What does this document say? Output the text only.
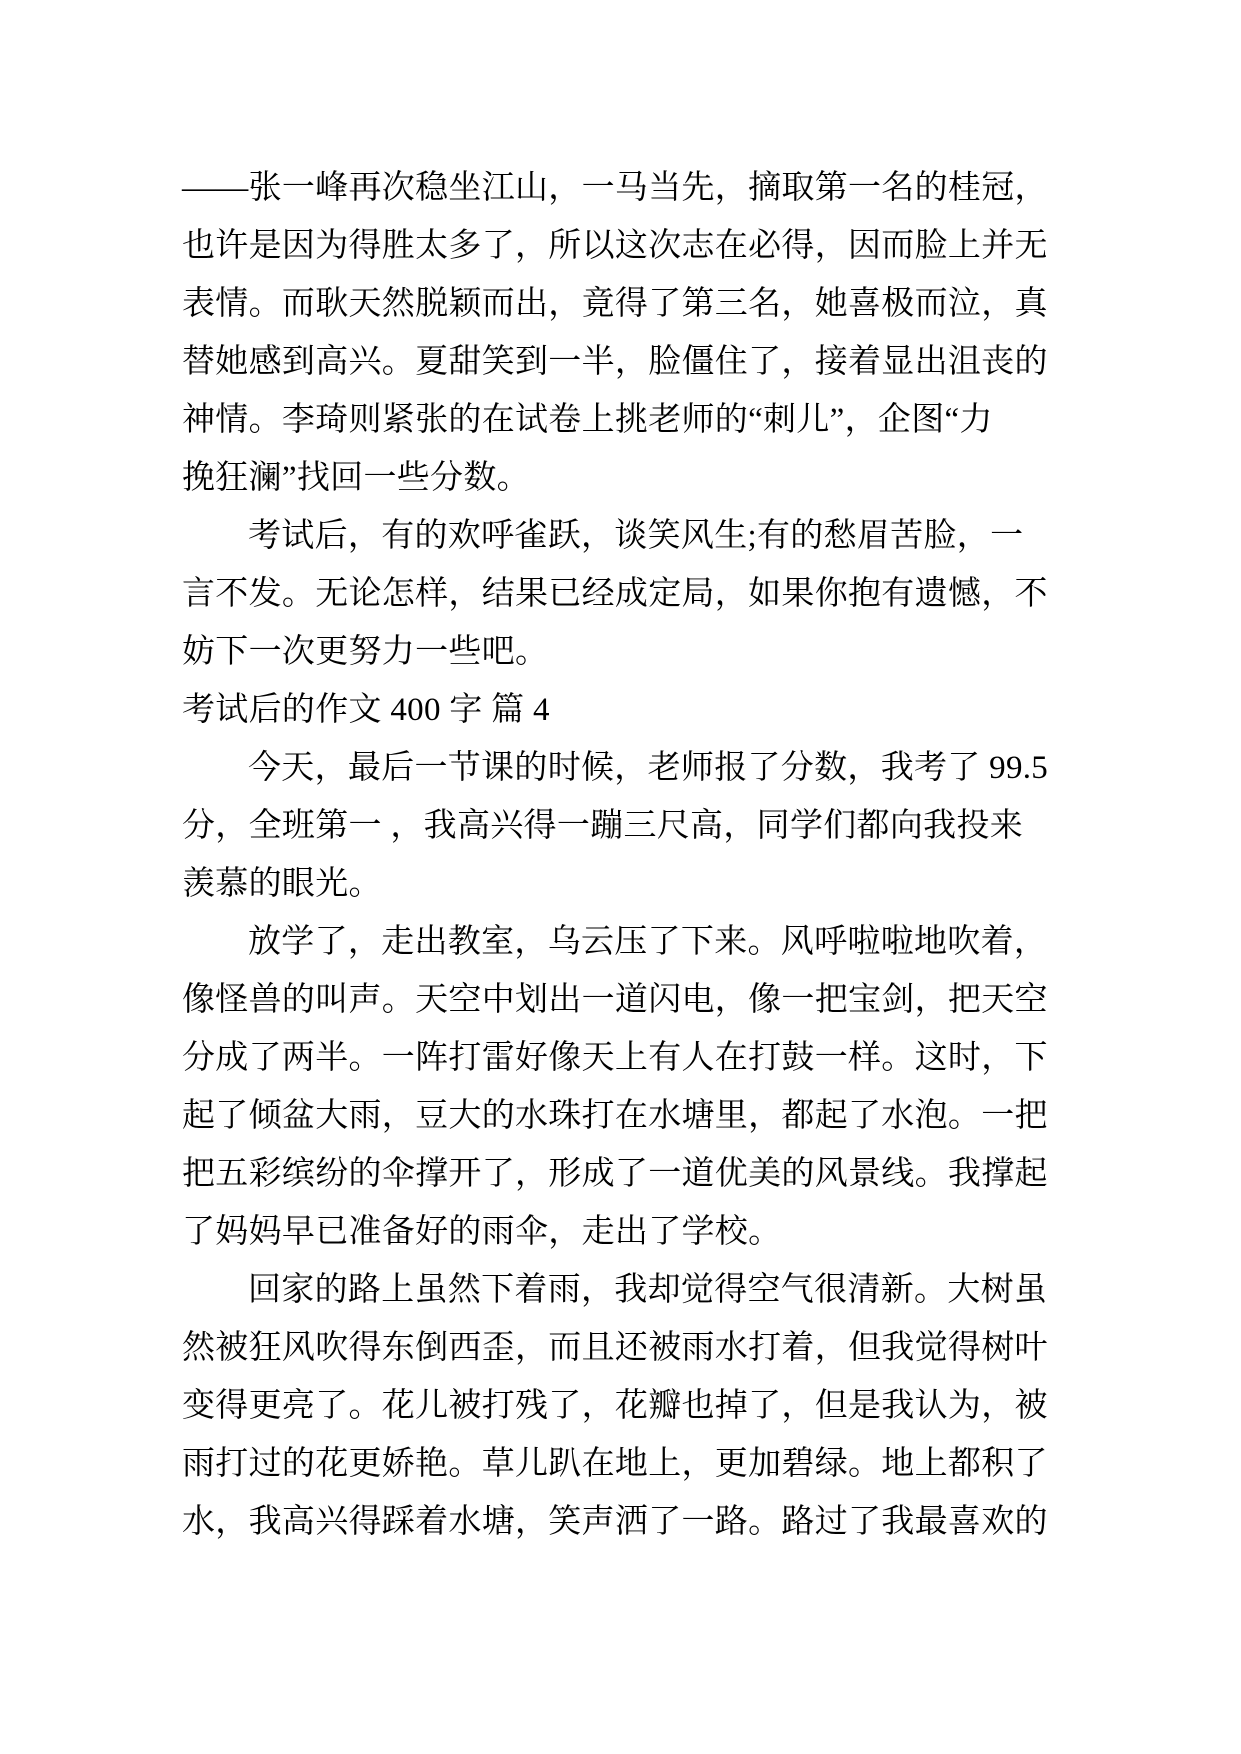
——张一峰再次稳坐江山，一马当先，摘取第一名的桂冠，
也许是因为得胜太多了，所以这次志在必得，因而脸上并无
表情。而耿天然脱颖而出，竟得了第三名，她喜极而泣，真
替她感到高兴。夏甜笑到一半，脸僵住了，接着显出沮丧的
神情。李琦则紧张的在试卷上挑老师的“刺儿”，企图“力
挽狂澜”找回一些分数。
考试后，有的欢呼雀跃，谈笑风生;有的愁眉苦脸，一
言不发。无论怎样，结果已经成定局，如果你抱有遗憾，不
妨下一次更努力一些吧。
考试后的作文 400 字 篇 4
今天，最后一节课的时候，老师报了分数，我考了 99.5
分，全班第一 ，我高兴得一蹦三尺高，同学们都向我投来
羡慕的眼光。
放学了，走出教室，乌云压了下来。风呼啦啦地吹着，
像怪兽的叫声。天空中划出一道闪电，像一把宝剑，把天空
分成了两半。一阵打雷好像天上有人在打鼓一样。这时，下
起了倾盆大雨，豆大的水珠打在水塘里，都起了水泡。一把
把五彩缤纷的伞撑开了，形成了一道优美的风景线。我撑起
了妈妈早已准备好的雨伞，走出了学校。
回家的路上虽然下着雨，我却觉得空气很清新。大树虽
然被狂风吹得东倒西歪，而且还被雨水打着，但我觉得树叶
变得更亮了。花儿被打残了，花瓣也掉了，但是我认为，被
雨打过的花更娇艳。草儿趴在地上，更加碧绿。地上都积了
水，我高兴得踩着水塘，笑声洒了一路。路过了我最喜欢的
